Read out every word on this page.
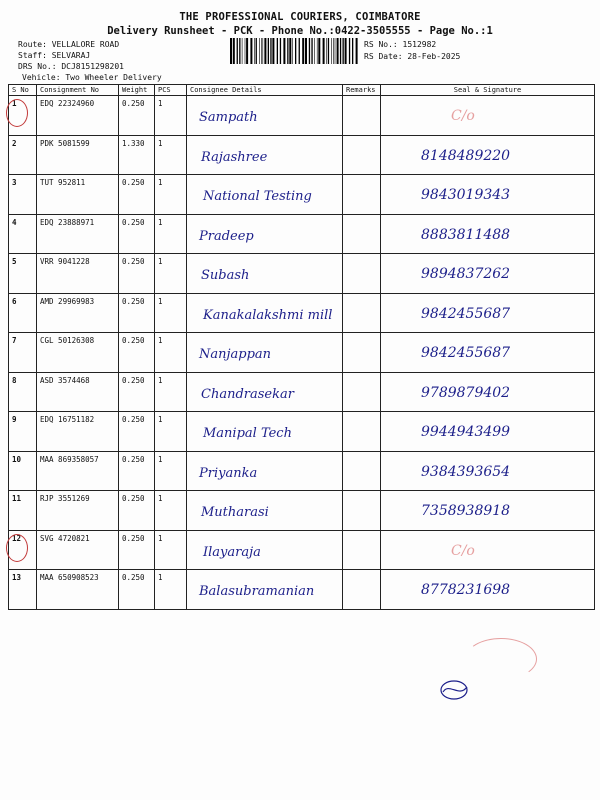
THE PROFESSIONAL COURIERS, COIMBATORE
Delivery Runsheet - PCK - Phone No.:0422-3505555 - Page No.:1
Route: VELLALORE ROAD
Staff: SELVARAJ
DRS No.: DCJ8151298201
Vehicle: Two Wheeler Delivery
RS No.: 1512982
RS Date: 28-Feb-2025
S No	Consignment No	Weight	PCS	Consignee Details	Remarks	Seal & Signature
1	EDQ 22324960	0.250	1	Sampath		C/o

2	PDK 5081599	1.330	1	Rajashree		8148489220

3	TUT 952811	0.250	1	National Testing		9843019343

4	EDQ 23888971	0.250	1	Pradeep		8883811488

5	VRR 9041228	0.250	1	Subash		9894837262

6	AMD 29969983	0.250	1	Kanakalakshmi mill		9842455687

7	CGL 50126308	0.250	1	Nanjappan		9842455687

8	ASD 3574468	0.250	1	Chandrasekar		9789879402

9	EDQ 16751182	0.250	1	Manipal Tech		9944943499

10	MAA 869358057	0.250	1	Priyanka		9384393654

11	RJP 3551269	0.250	1	Mutharasi		7358938918

12	SVG 4720821	0.250	1	Ilayaraja		C/o

13	MAA 650908523	0.250	1	Balasubramanian		8778231698
